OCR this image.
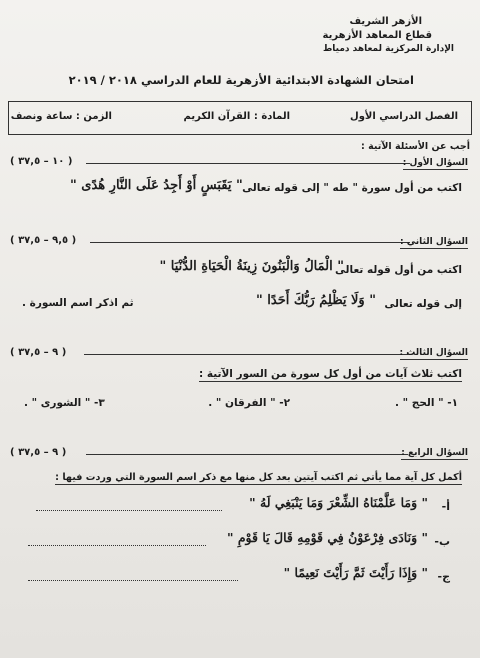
الأزهر الشريف
قطاع المعاهد الأزهرية
الإدارة المركزية لمعاهد دمياط
امتحان الشهادة الابتدائية الأزهرية للعام الدراسي ٢٠١٨ / ٢٠١٩
الفصل الدراسي الأول
المادة : القرآن الكريم
الزمن : ساعة ونصف
أجب عن الأسئلة الآتية :
( ١٠ – ٣٧,٥ )	السؤال الأول :
اكتب من أول سورة " طه " إلى قوله تعالى
" يَقَبَسٍ أَوْ أَجِدُ عَلَى النَّارِ هُدًى "
( ٩,٥ – ٣٧,٥ )	السؤال الثاني :
اكتب من أول قوله تعالى
" الْمَالُ وَالْبَنُونَ زِينَةُ الْحَيَاةِ الدُّنْيَا "
إلى قوله تعالى
" وَلَا يَظْلِمُ رَبُّكَ أَحَدًا "
ثم اذكر اسم السورة .
( ٩ – ٣٧,٥ )	السؤال الثالث :
اكتب ثلاث آيات من أول كل سورة من السور الآتية :
١- " الحج " .
٢- " الفرقان " .
٣- " الشورى " .
( ٩ – ٣٧,٥ )	السؤال الرابع :
أكمل كل آية مما يأتي ثم اكتب آيتين بعد كل منها مع ذكر اسم السورة التي وردت فيها :
أ-
" وَمَا عَلَّمْنَاهُ الشِّعْرَ وَمَا يَنْبَغِي لَهُ "
ب-
" وَنَادَى فِرْعَوْنُ فِي قَوْمِهِ قَالَ يَا قَوْمِ "
ج-
" وَإِذَا رَأَيْتَ ثَمَّ رَأَيْتَ نَعِيمًا "
